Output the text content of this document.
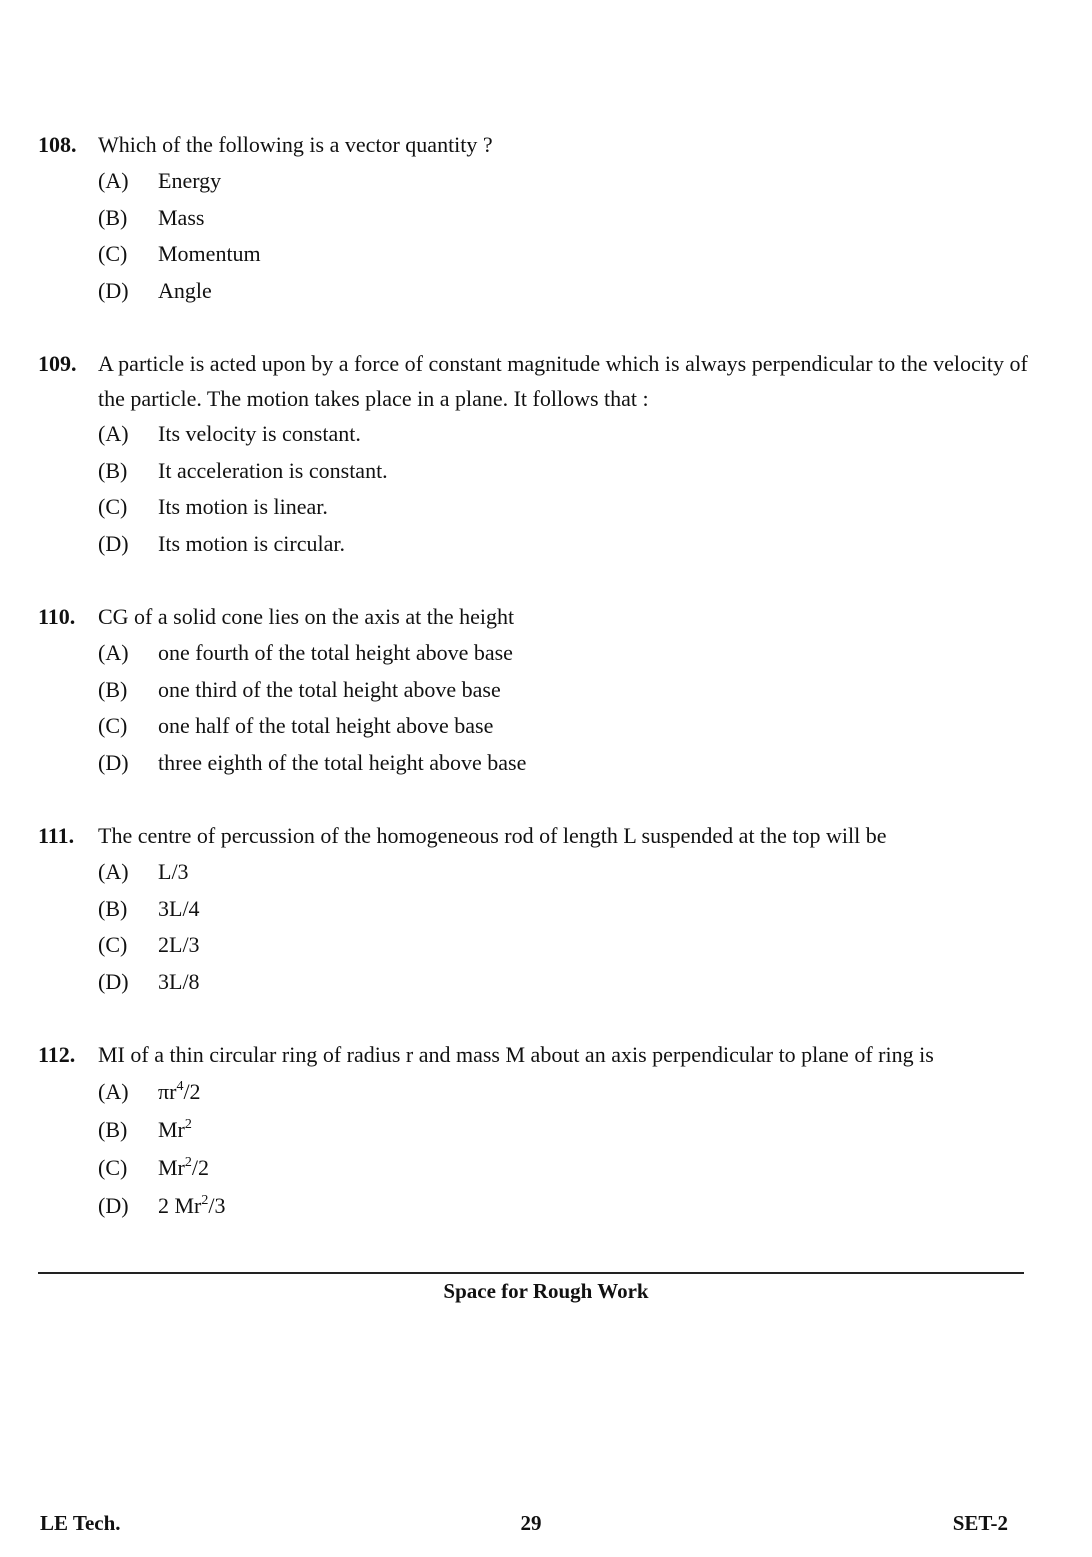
108. Which of the following is a vector quantity ?
(A)	Energy
(B)	Mass
(C)	Momentum
(D)	Angle
109. A particle is acted upon by a force of constant magnitude which is always perpendicular to the velocity of the particle. The motion takes place in a plane. It follows that :
(A)	Its velocity is constant.
(B)	It acceleration is constant.
(C)	Its motion is linear.
(D)	Its motion is circular.
110.	CG of a solid cone lies on the axis at the height
(A)	one fourth of the total height above base
(B)	one third of the total height above base
(C)	one half of the total height above base
(D)	three eighth of the total height above base
111.	The centre of percussion of the homogeneous rod of length L suspended at the top will be
(A)	L/3
(B)	3L/4
(C)	2L/3
(D)	3L/8
112.	MI of a thin circular ring of radius r and mass M about an axis perpendicular to plane of ring is
(A)	$\pi r^4/2$
(B)	Mr$^2$
(C)	Mr$^2$/2
(D)	2 Mr$^2$/3
Space for Rough Work
LE Tech.	29	SET-2
